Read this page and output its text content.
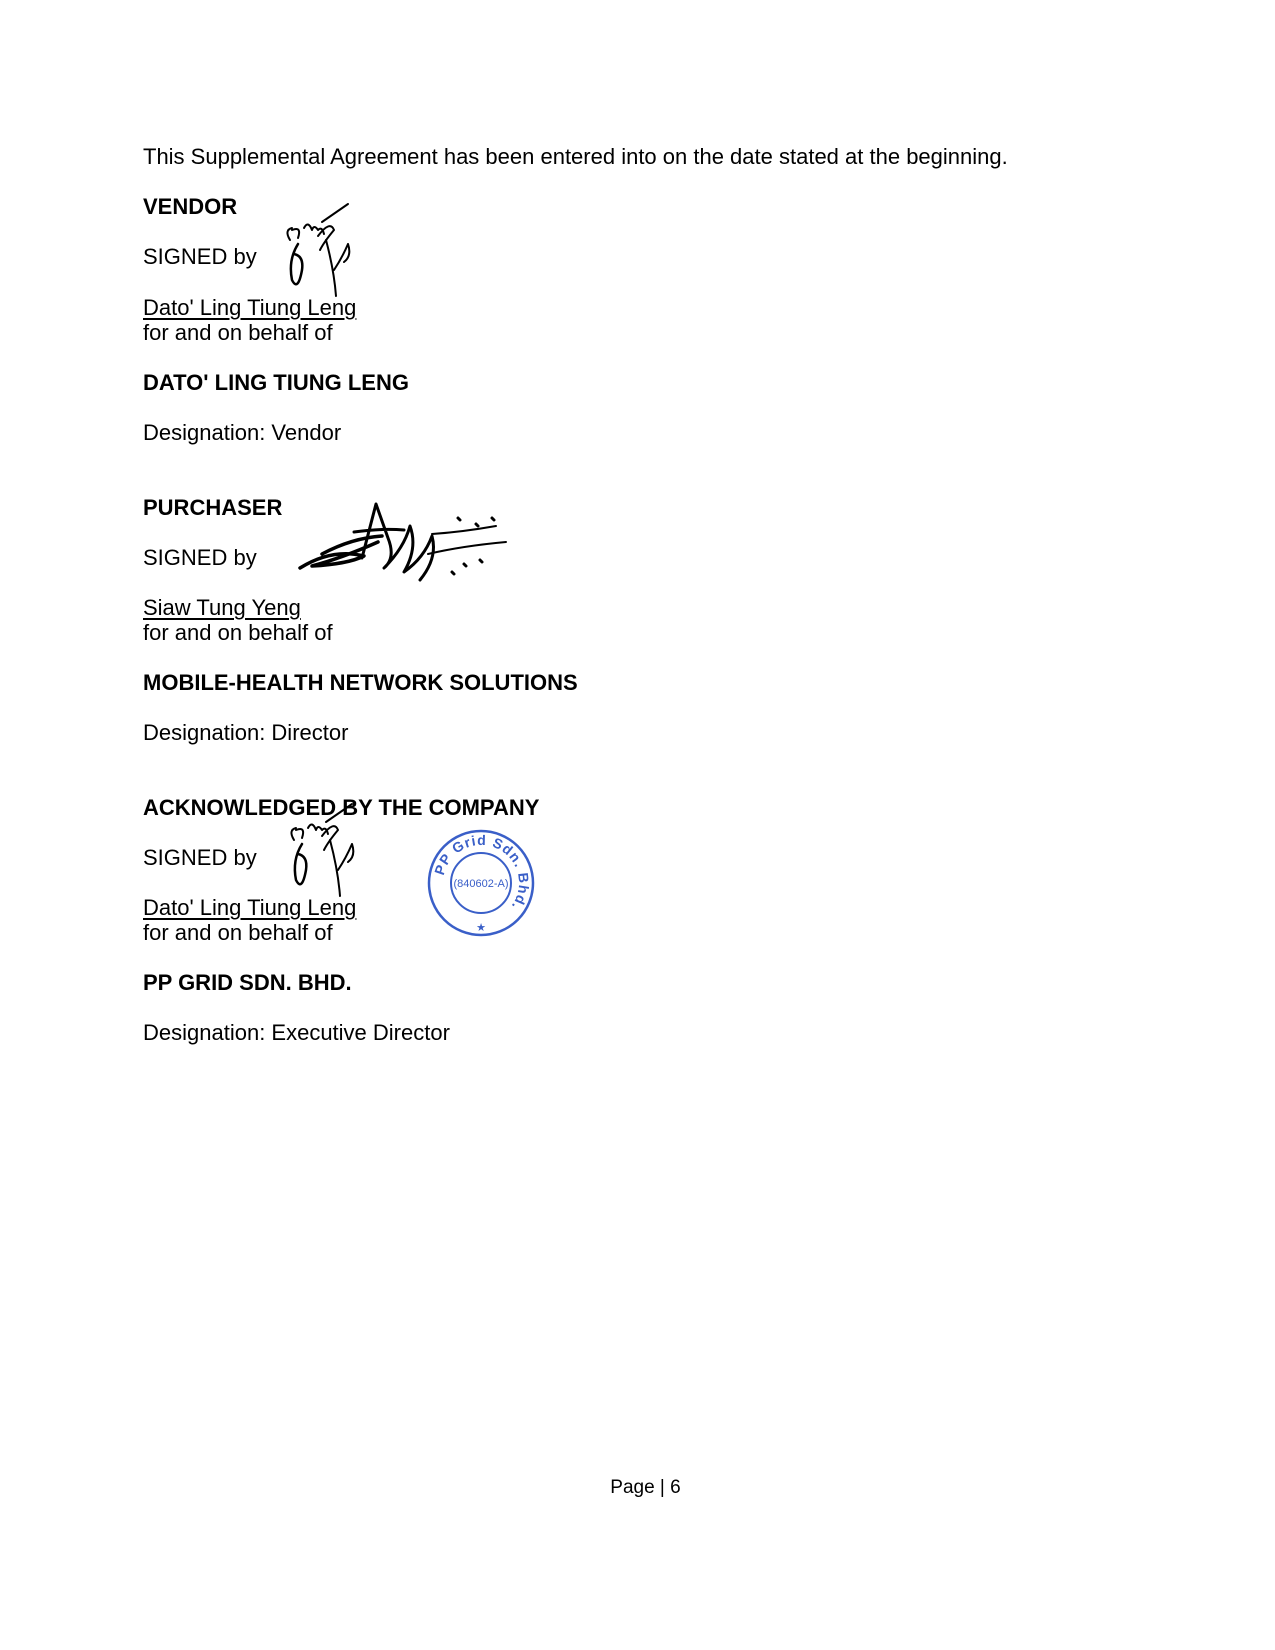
This Supplemental Agreement has been entered into on the date stated at the beginning.
VENDOR
SIGNED by
Dato' Ling Tiung Leng
for and on behalf of
DATO' LING TIUNG LENG
Designation: Vendor
PURCHASER
SIGNED by
Siaw Tung Yeng
for and on behalf of
MOBILE-HEALTH NETWORK SOLUTIONS
Designation: Director
ACKNOWLEDGED BY THE COMPANY
SIGNED by	PP Grid Sdn. Bhd.
(840602-A)
★
Dato' Ling Tiung Leng
for and on behalf of
PP GRID SDN. BHD.
Designation: Executive Director
Page | 6
